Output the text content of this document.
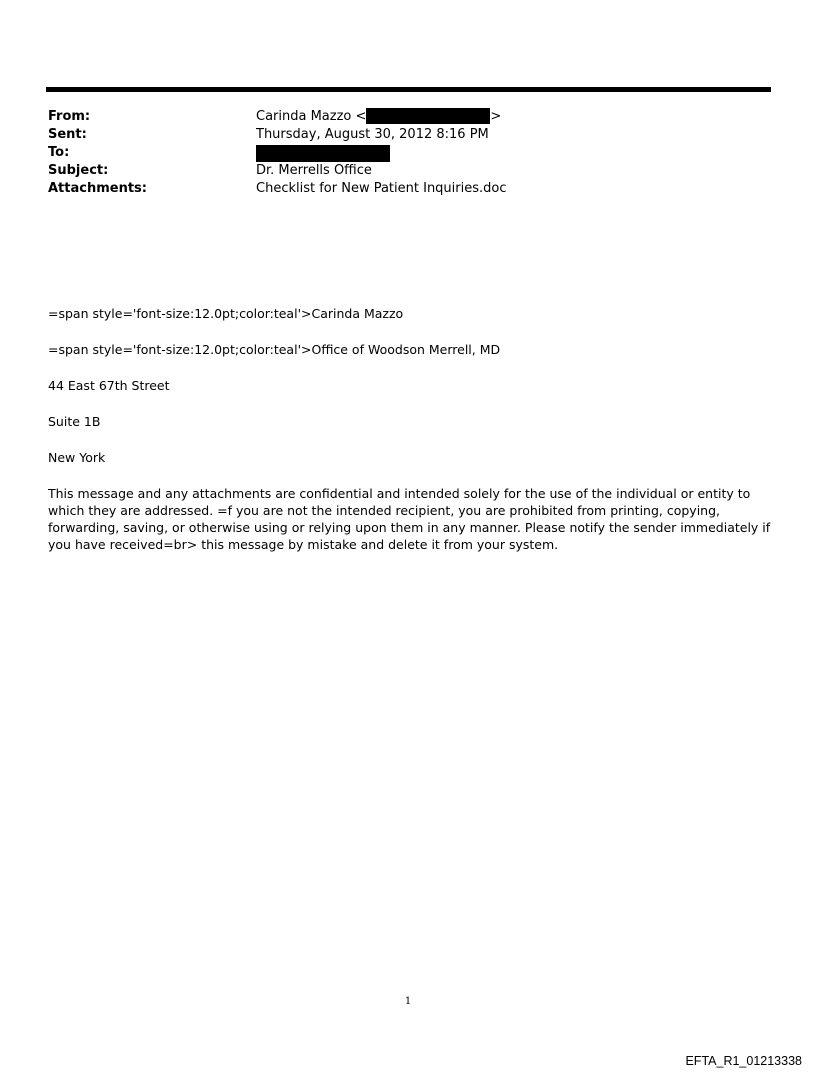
From:	Carinda Mazzo <	>
Sent:	Thursday, August 30, 2012 8:16 PM
To:
Subject:	Dr. Merrells Office
Attachments:	Checklist for New Patient Inquiries.doc

=span style='font-size:12.0pt;color:teal'>Carinda Mazzo

=span style='font-size:12.0pt;color:teal'>Office of Woodson Merrell, MD

44 East 67th Street

Suite 1B

New York

This message and any attachments are confidential and intended solely for the use of the individual or entity to which they are addressed. =f you are not the intended recipient, you are prohibited from printing, copying, forwarding, saving, or otherwise using or relying upon them in any manner. Please notify the sender immediately if you have received=br> this message by mistake and delete it from your system.

1
EFTA_R1_01213338
